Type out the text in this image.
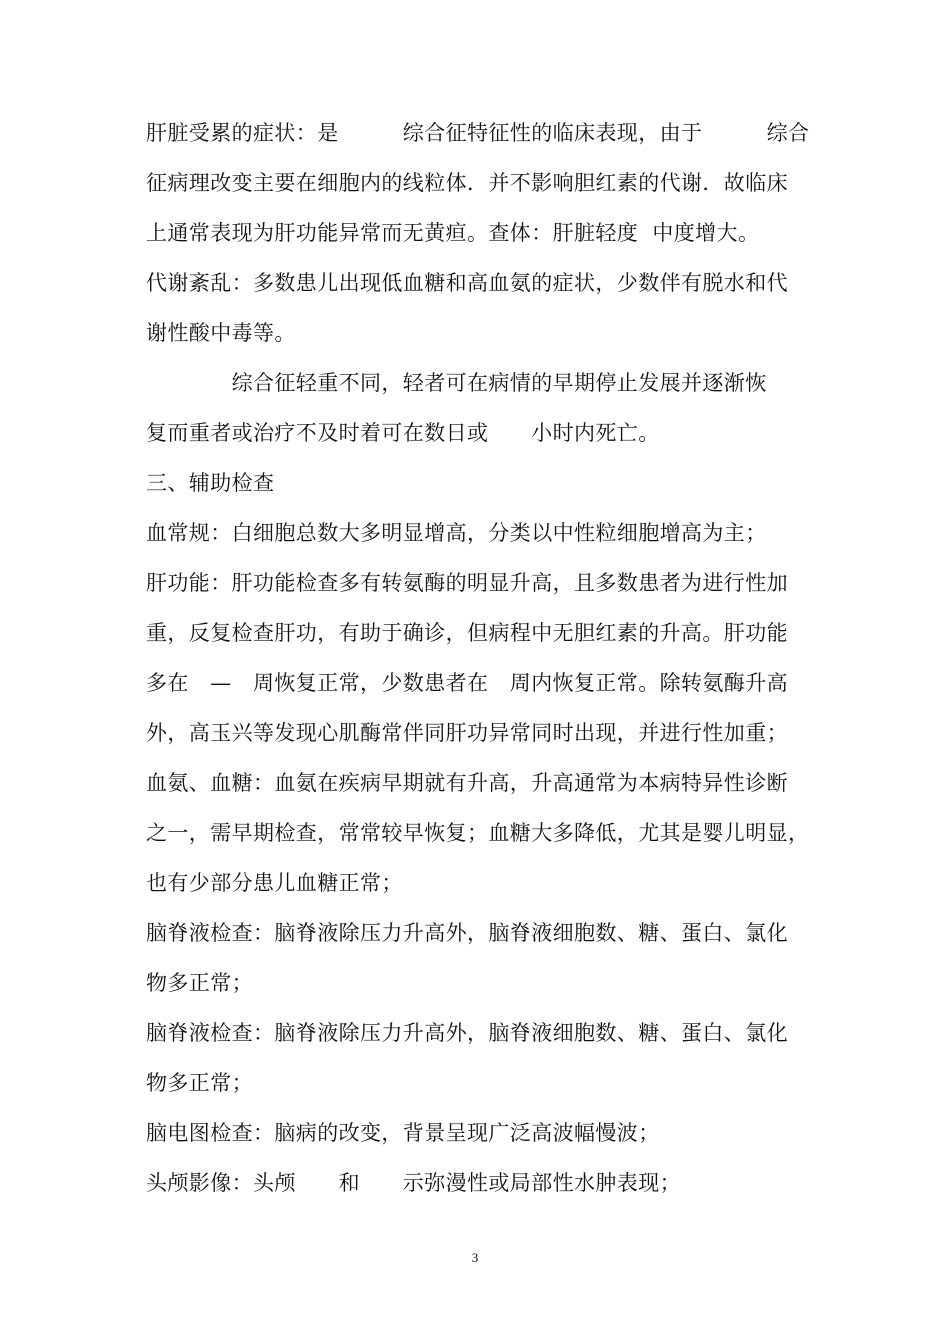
肝脏受累的症状：是　　　综合征特征性的临床表现，由于　　　综合
征病理改变主要在细胞内的线粒体．并不影响胆红素的代谢．故临床
上通常表现为肝功能异常而无黄疸。查体：肝脏轻度  中度增大。
代谢紊乱：多数患儿出现低血糖和高血氨的症状，少数伴有脱水和代
谢性酸中毒等。
　　　　综合征轻重不同，轻者可在病情的早期停止发展并逐渐恢
复而重者或治疗不及时着可在数日或　　小时内死亡。
三、辅助检查
血常规：白细胞总数大多明显增高，分类以中性粒细胞增高为主；
肝功能：肝功能检查多有转氨酶的明显升高，且多数患者为进行性加
重，反复检查肝功，有助于确诊，但病程中无胆红素的升高。肝功能
多在　—　周恢复正常，少数患者在　周内恢复正常。除转氨酶升高
外，高玉兴等发现心肌酶常伴同肝功异常同时出现，并进行性加重；
血氨、血糖：血氨在疾病早期就有升高，升高通常为本病特异性诊断
之一，需早期检查，常常较早恢复；血糖大多降低，尤其是婴儿明显，
也有少部分患儿血糖正常；
脑脊液检查：脑脊液除压力升高外，脑脊液细胞数、糖、蛋白、氯化
物多正常；
脑脊液检查：脑脊液除压力升高外，脑脊液细胞数、糖、蛋白、氯化
物多正常；
脑电图检查：脑病的改变，背景呈现广泛高波幅慢波；
头颅影像：头颅　　和　　示弥漫性或局部性水肿表现；
3
